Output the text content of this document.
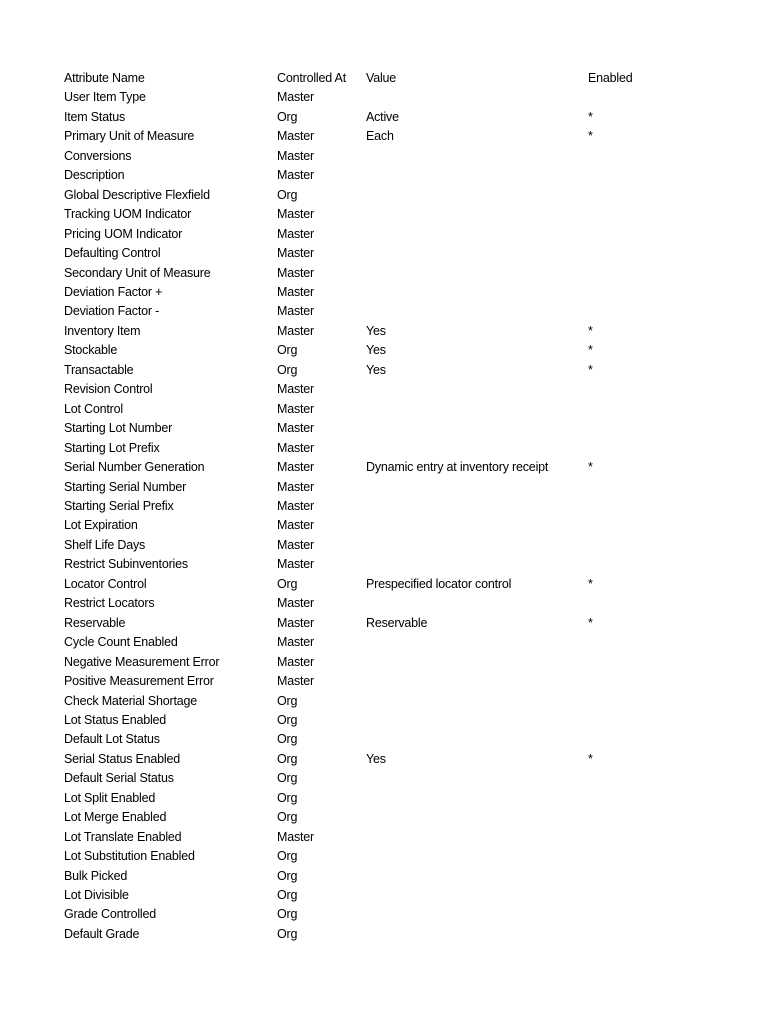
Attribute Name	Controlled At	Value	Enabled
User Item Type	Master		
Item Status	Org	Active	*
Primary Unit of Measure	Master	Each	*
Conversions	Master		
Description	Master		
Global Descriptive Flexfield	Org		
Tracking UOM Indicator	Master		
Pricing UOM Indicator	Master		
Defaulting Control	Master		
Secondary Unit of Measure	Master		
Deviation Factor +	Master		
Deviation Factor -	Master		
Inventory Item	Master	Yes	*
Stockable	Org	Yes	*
Transactable	Org	Yes	*
Revision Control	Master		
Lot Control	Master		
Starting Lot Number	Master		
Starting Lot Prefix	Master		
Serial Number Generation	Master	Dynamic entry at inventory receipt	*
Starting Serial Number	Master		
Starting Serial Prefix	Master		
Lot Expiration	Master		
Shelf Life Days	Master		
Restrict Subinventories	Master		
Locator Control	Org	Prespecified locator control	*
Restrict Locators	Master		
Reservable	Master	Reservable	*
Cycle Count Enabled	Master		
Negative Measurement Error	Master		
Positive Measurement Error	Master		
Check Material Shortage	Org		
Lot Status Enabled	Org		
Default Lot Status	Org		
Serial Status Enabled	Org	Yes	*
Default Serial Status	Org		
Lot Split Enabled	Org		
Lot Merge Enabled	Org		
Lot Translate Enabled	Master		
Lot Substitution Enabled	Org		
Bulk Picked	Org		
Lot Divisible	Org		
Grade Controlled	Org		
Default Grade	Org		
